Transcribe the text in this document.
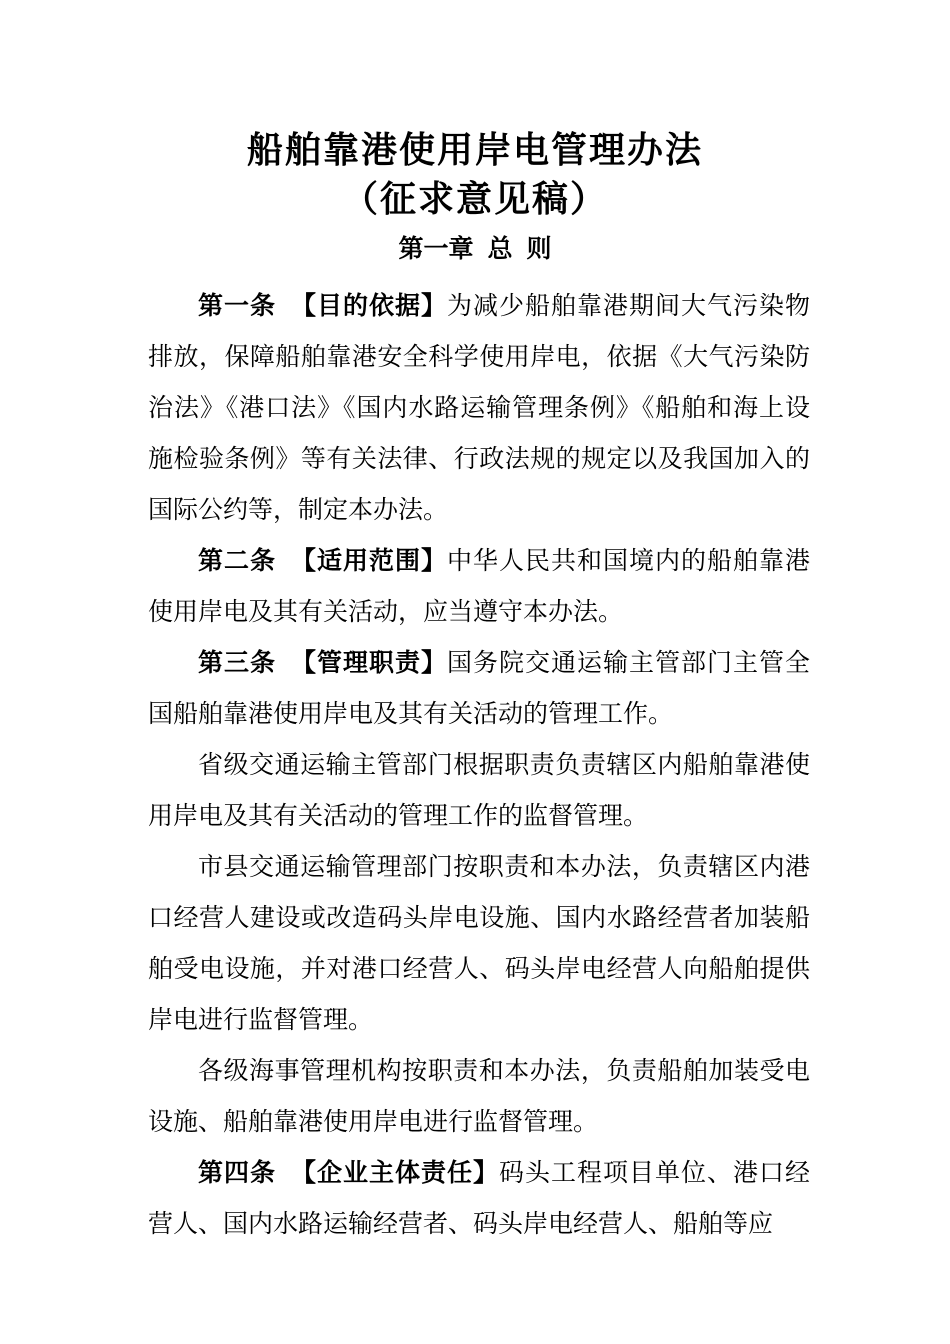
船舶靠港使用岸电管理办法
（征求意见稿）
第一章 总 则

第一条 【目的依据】为减少船舶靠港期间大气污染物排放，保障船舶靠港安全科学使用岸电，依据《大气污染防治法》《港口法》《国内水路运输管理条例》《船舶和海上设施检验条例》等有关法律、行政法规的规定以及我国加入的国际公约等，制定本办法。

第二条 【适用范围】中华人民共和国境内的船舶靠港使用岸电及其有关活动，应当遵守本办法。

第三条 【管理职责】国务院交通运输主管部门主管全国船舶靠港使用岸电及其有关活动的管理工作。

省级交通运输主管部门根据职责负责辖区内船舶靠港使用岸电及其有关活动的管理工作的监督管理。

市县交通运输管理部门按职责和本办法，负责辖区内港口经营人建设或改造码头岸电设施、国内水路经营者加装船舶受电设施，并对港口经营人、码头岸电经营人向船舶提供岸电进行监督管理。

各级海事管理机构按职责和本办法，负责船舶加装受电设施、船舶靠港使用岸电进行监督管理。

第四条 【企业主体责任】码头工程项目单位、港口经营人、国内水路运输经营者、码头岸电经营人、船舶等应
